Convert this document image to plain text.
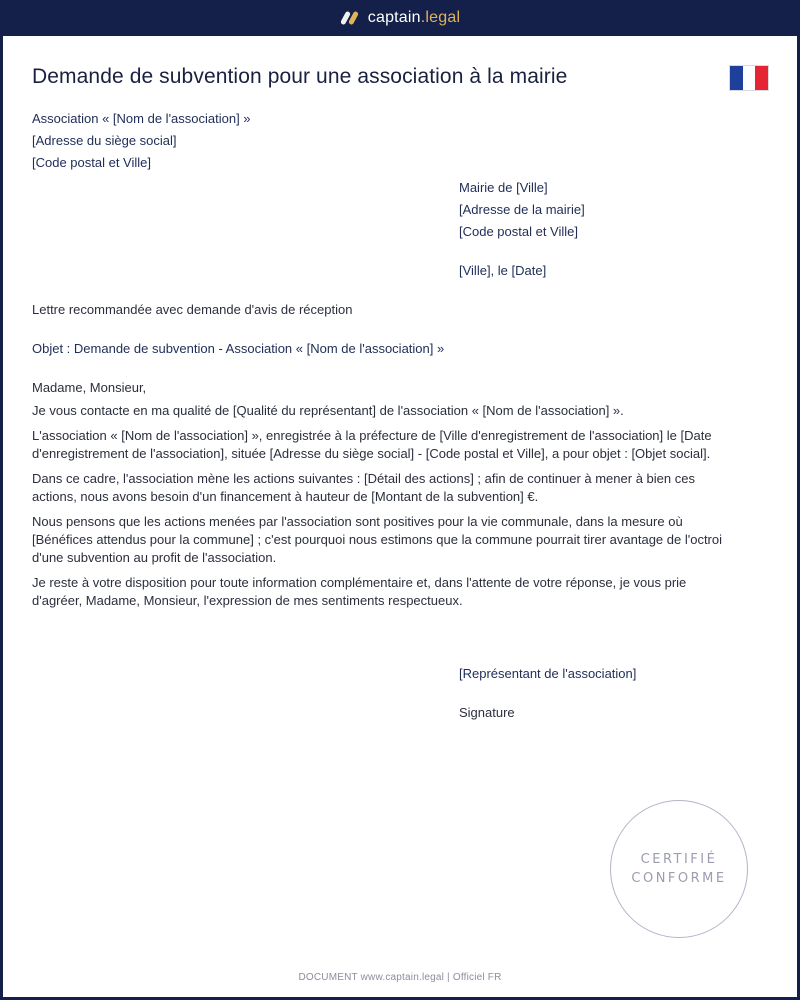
captain.legal
Demande de subvention pour une association à la mairie
Association « [Nom de l'association] »
[Adresse du siège social]
[Code postal et Ville]
Mairie de [Ville]
[Adresse de la mairie]
[Code postal et Ville]
[Ville], le [Date]
Lettre recommandée avec demande d'avis de réception
Objet : Demande de subvention - Association « [Nom de l'association] »
Madame, Monsieur,

Je vous contacte en ma qualité de [Qualité du représentant] de l'association « [Nom de l'association] ».

L'association « [Nom de l'association] », enregistrée à la préfecture de [Ville d'enregistrement de l'association] le [Date d'enregistrement de l'association], située [Adresse du siège social] - [Code postal et Ville], a pour objet : [Objet social].

Dans ce cadre, l'association mène les actions suivantes : [Détail des actions] ; afin de continuer à mener à bien ces actions, nous avons besoin d'un financement à hauteur de [Montant de la subvention] €.

Nous pensons que les actions menées par l'association sont positives pour la vie communale, dans la mesure où [Bénéfices attendus pour la commune] ; c'est pourquoi nous estimons que la commune pourrait tirer avantage de l'octroi d'une subvention au profit de l'association.

Je reste à votre disposition pour toute information complémentaire et, dans l'attente de votre réponse, je vous prie d'agréer, Madame, Monsieur, l'expression de mes sentiments respectueux.

[Représentant de l'association]
Signature
CERTIFIÉ
CONFORME
DOCUMENT www.captain.legal | Officiel FR
